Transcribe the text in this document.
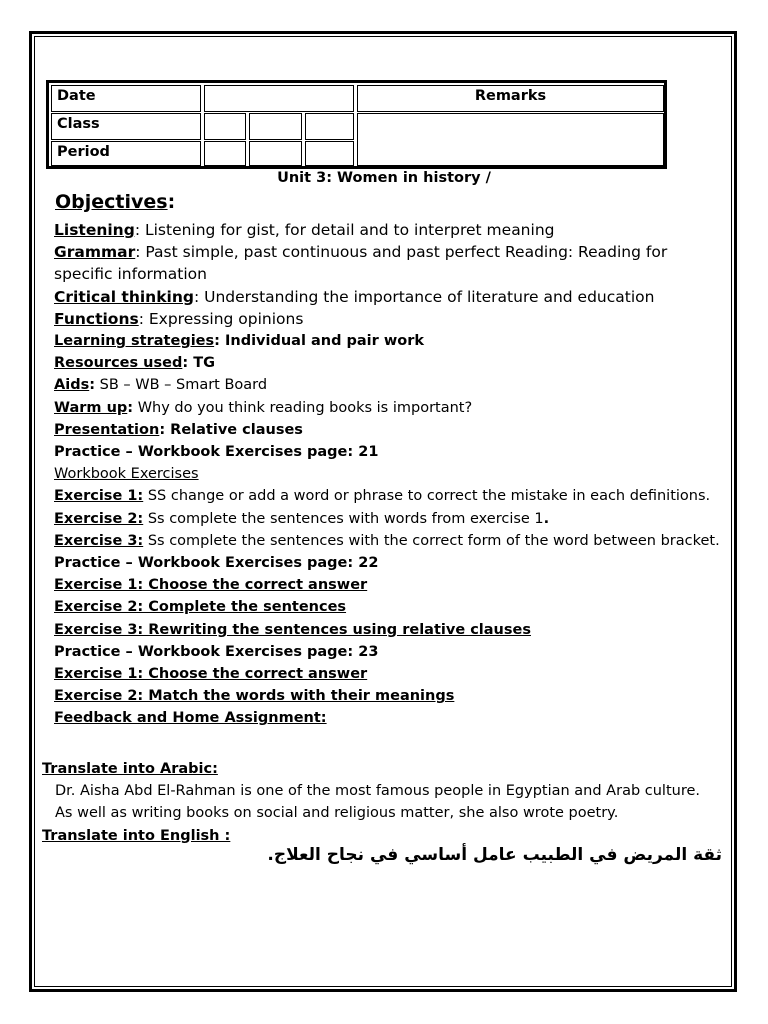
Date	Remarks
Class
Period
Unit 3: Women in history /
Objectives:
Listening: Listening for gist, for detail and to interpret meaning
Grammar: Past simple, past continuous and past perfect Reading: Reading for specific information
Critical thinking: Understanding the importance of literature and education
Functions: Expressing opinions
Learning strategies: Individual and pair work
Resources used: TG
Aids: SB – WB – Smart Board
Warm up: Why do you think reading books is important?
Presentation: Relative clauses
Practice – Workbook Exercises page: 21
Workbook Exercises
Exercise 1: SS change or add a word or phrase to correct the mistake in each definitions.
Exercise 2: Ss complete the sentences with words from exercise 1.
Exercise 3: Ss complete the sentences with the correct form of the word between bracket.
Practice – Workbook Exercises page: 22
Exercise 1: Choose the correct answer
Exercise 2: Complete the sentences
Exercise 3: Rewriting the sentences using relative clauses
Practice – Workbook Exercises page: 23
Exercise 1: Choose the correct answer
Exercise 2: Match the words with their meanings
Feedback and Home Assignment:
Translate into Arabic:
Dr. Aisha Abd El-Rahman is one of the most famous people in Egyptian and Arab culture. As well as writing books on social and religious matter, she also wrote poetry.
Translate into English :
ثقة المريض في الطبيب عامل أساسي في نجاح العلاج.
